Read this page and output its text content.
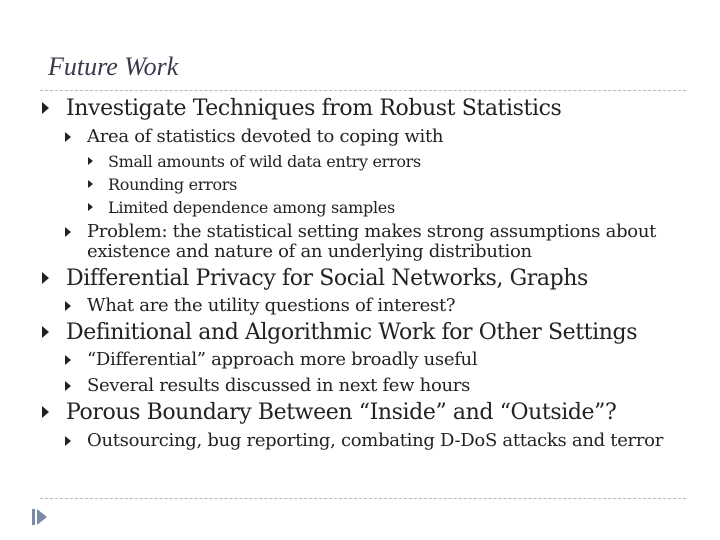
Future Work
Investigate Techniques from Robust Statistics
Area of statistics devoted to coping with
Small amounts of wild data entry errors
Rounding errors
Limited dependence among samples
Problem: the statistical setting makes strong assumptions about
existence and nature of an underlying distribution
Differential Privacy for Social Networks, Graphs
What are the utility questions of interest?
Definitional and Algorithmic Work for Other Settings
“Differential” approach more broadly useful
Several results discussed in next few hours
Porous Boundary Between “Inside” and “Outside”?
Outsourcing, bug reporting, combating D-DoS attacks and terror
